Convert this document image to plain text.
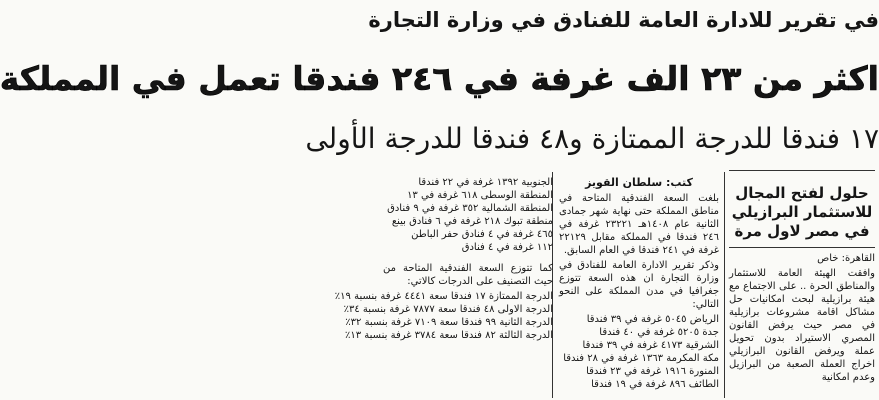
في تقرير للادارة العامة للفنادق في وزارة التجارة
اكثر من ٢٣ الف غرفة في ٢٤٦ فندقا تعمل في المملكة
١٧ فندقا للدرجة الممتازة و٤٨ فندقا للدرجة الأولى
حلول لفتح المجال للاستثمار البرازيلي في مصر لاول مرة

القاهرة: خاص

وافقت الهيئة العامة للاستثمار والمناطق الحرة .. على الاجتماع مع هيئة برازيلية لبحث امكانيات حل مشاكل اقامة مشروعات برازيلية في مصر حيث يرفض القانون المصري الاستيراد بدون تحويل عملة ويرفض القانون البرازيلي اخراج العملة الصعبة من البرازيل وعدم امكانية

كتب: سلطان القويز

بلغت السعة الفندقية المتاحة في مناطق المملكة حتى نهاية شهر جمادى الثانية عام ١٤٠٨هـ ٢٣٢٢١ غرفة في ٢٤٦ فندقا في المملكة مقابل ٢٢١٢٩ غرفة في ٢٤١ فندقا في العام السابق.

وذكر تقرير الادارة العامة للفنادق في وزارة التجارة ان هذه السعة تتوزع جغرافيا في مدن المملكة على النحو التالي:

الرياض ٥٠٤٥ غرفة في ٣٩ فندقا
جدة ٥٢٠٥ غرفة في ٤٠ فندقا
الشرقية ٤١٧٣ غرفة في ٣٩ فندقا
مكة المكرمة ١٣٦٣ غرفة في ٢٨ فندقا
المنورة ١٩١٦ غرفة في ٢٣ فندقا
الطائف ٨٩٦ غرفة في ١٩ فندقا
الجنوبية ١٣٩٢ غرفة في ٢٢ فندقا
المنطقة الوسطى ٦١٨ غرفة في ١٣
المنطقة الشمالية ٣٥٢ غرفة في ٩ فنادق
منطقة تبوك ٢١٨ غرفة في ٦ فنادق بينع
٤٦٥ غرفة في ٤ فنادق حفر الباطن
١١٢ غرفة في ٤ فنادق

كما تتوزع السعة الفندقية المتاحة من حيث التصنيف على الدرجات كالاتي:

الدرجة الممتازة ١٧ فندقا سعة ٤٤٤١ غرفة بنسبة ١٩٪
الدرجة الاولى ٤٨ فندقا سعة ٧٨٧٧ غرفة بنسبة ٣٤٪
الدرجة الثانية ٩٩ فندقا سعة ٧١٠٩ غرفة بنسبة ٣٢٪
الدرجة الثالثة ٨٢ فندقا سعة ٣٧٨٤ غرفة بنسبة ١٣٪
